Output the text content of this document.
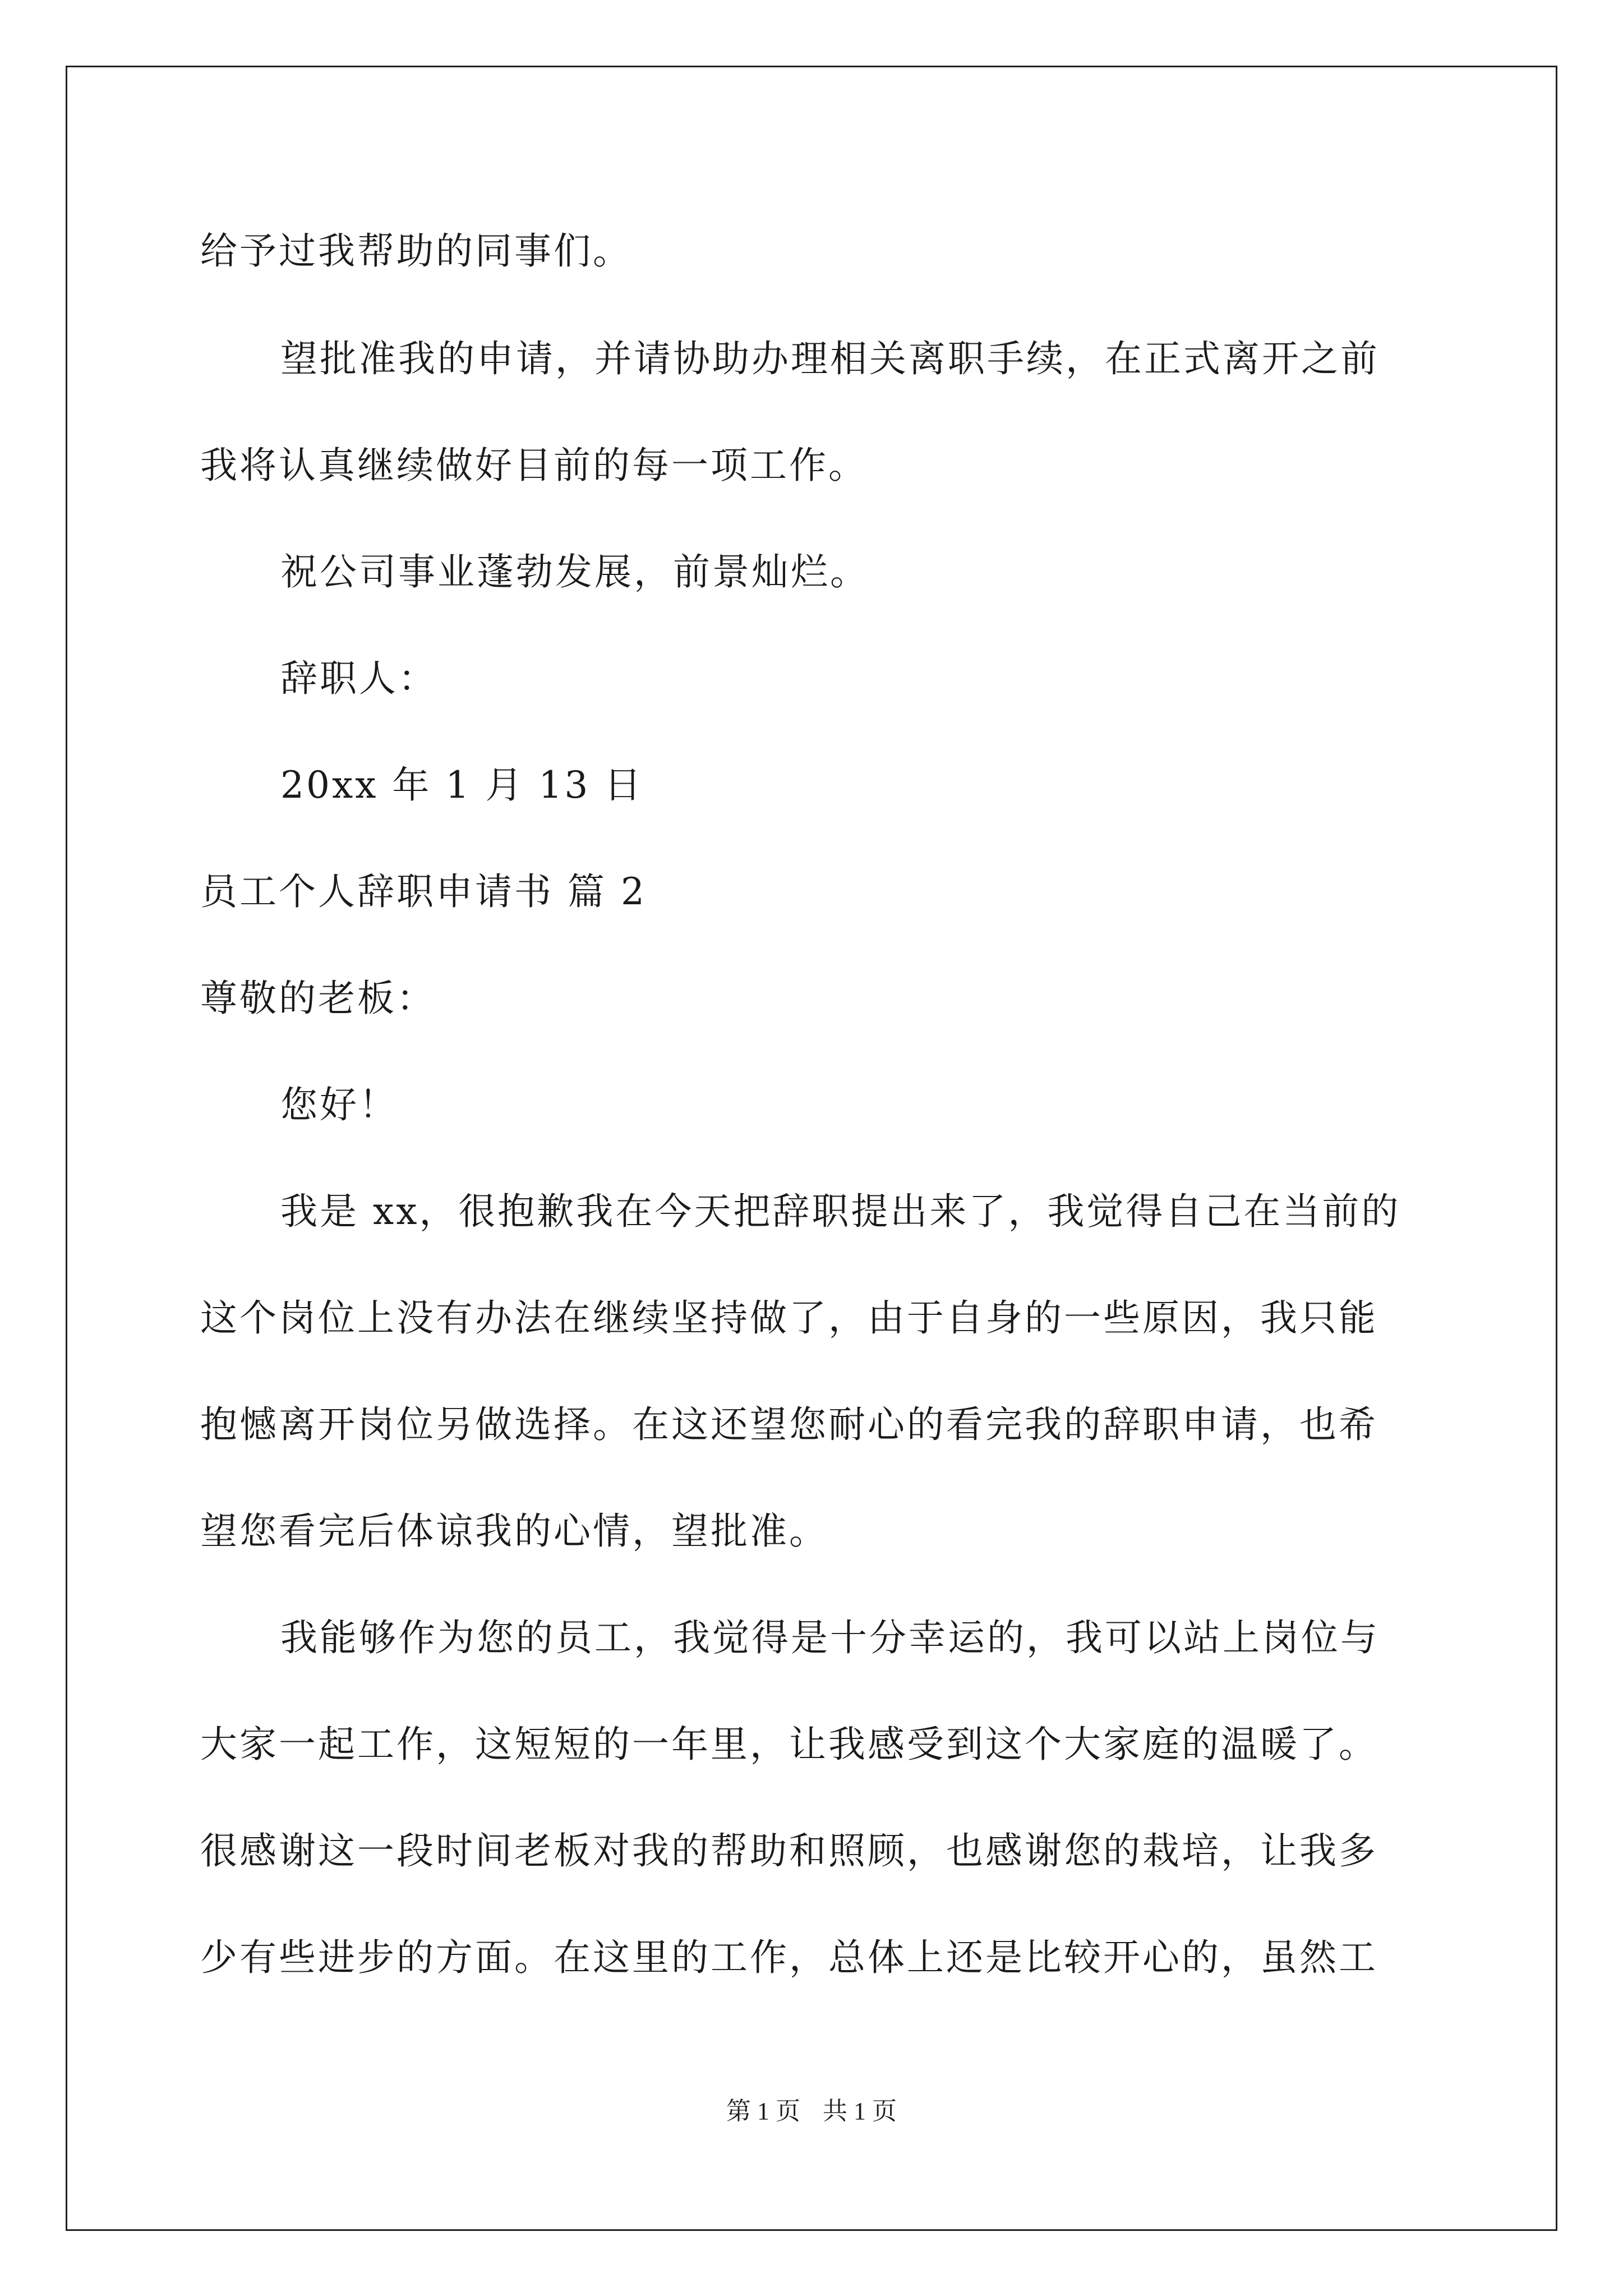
给予过我帮助的同事们。
望批准我的申请，并请协助办理相关离职手续，在正式离开之前
我将认真继续做好目前的每一项工作。
祝公司事业蓬勃发展，前景灿烂。
辞职人：
20xx 年 1 月 13 日
员工个人辞职申请书 篇 2
尊敬的老板：
您好！
我是 xx，很抱歉我在今天把辞职提出来了，我觉得自己在当前的
这个岗位上没有办法在继续坚持做了，由于自身的一些原因，我只能
抱憾离开岗位另做选择。在这还望您耐心的看完我的辞职申请，也希
望您看完后体谅我的心情，望批准。
我能够作为您的员工，我觉得是十分幸运的，我可以站上岗位与
大家一起工作，这短短的一年里，让我感受到这个大家庭的温暖了。
很感谢这一段时间老板对我的帮助和照顾，也感谢您的栽培，让我多
少有些进步的方面。在这里的工作，总体上还是比较开心的，虽然工
第 1 页 共 1 页
